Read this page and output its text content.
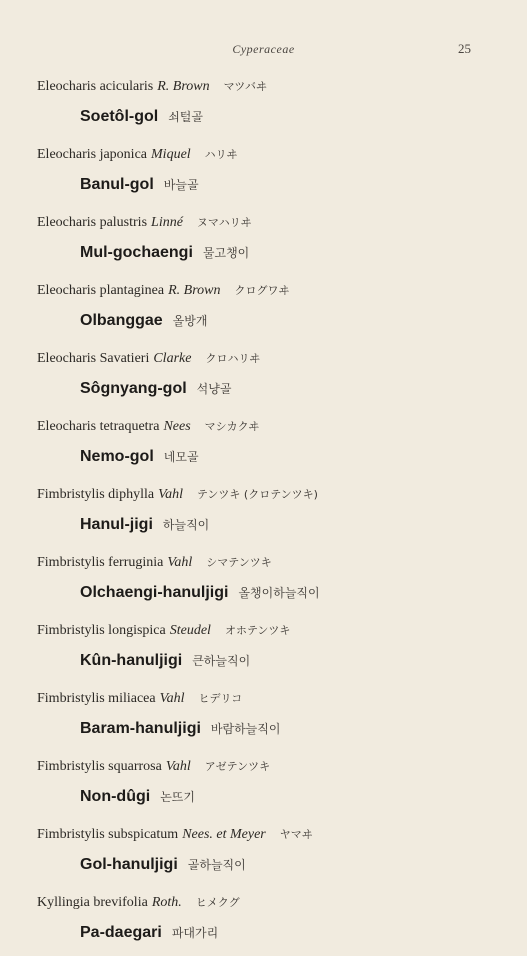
Cyperaceae	25
Eleocharis acicularis R. Brown マツバヰ
Soetôl-gol 쇠털골
Eleocharis japonica Miquel ハリヰ
Banul-gol 바늘골
Eleocharis palustris Linné ヌマハリヰ
Mul-gochaengi 물고챙이
Eleocharis plantaginea R. Brown クログワヰ
Olbanggae 올방개
Eleocharis Savatieri Clarke クロハリヰ
Sôgnyang-gol 석냥골
Eleocharis tetraquetra Nees マシカクヰ
Nemo-gol 네모골
Fimbristylis diphylla Vahl テンツキ (クロテンツキ)
Hanul-jigi 하늘직이
Fimbristylis ferruginia Vahl シマテンツキ
Olchaengi-hanuljigi 올챙이하늘직이
Fimbristylis longispica Steudel オホテンツキ
Kûn-hanuljigi 큰하늘직이
Fimbristylis miliacea Vahl ヒデリコ
Baram-hanuljigi 바람하늘직이
Fimbristylis squarrosa Vahl アゼテンツキ
Non-dûgi 논뜨기
Fimbristylis subspicatum Nees. et Meyer ヤマヰ
Gol-hanuljigi 골하늘직이
Kyllingia brevifolia Roth. ヒメクグ
Pa-daegari 파대가리
